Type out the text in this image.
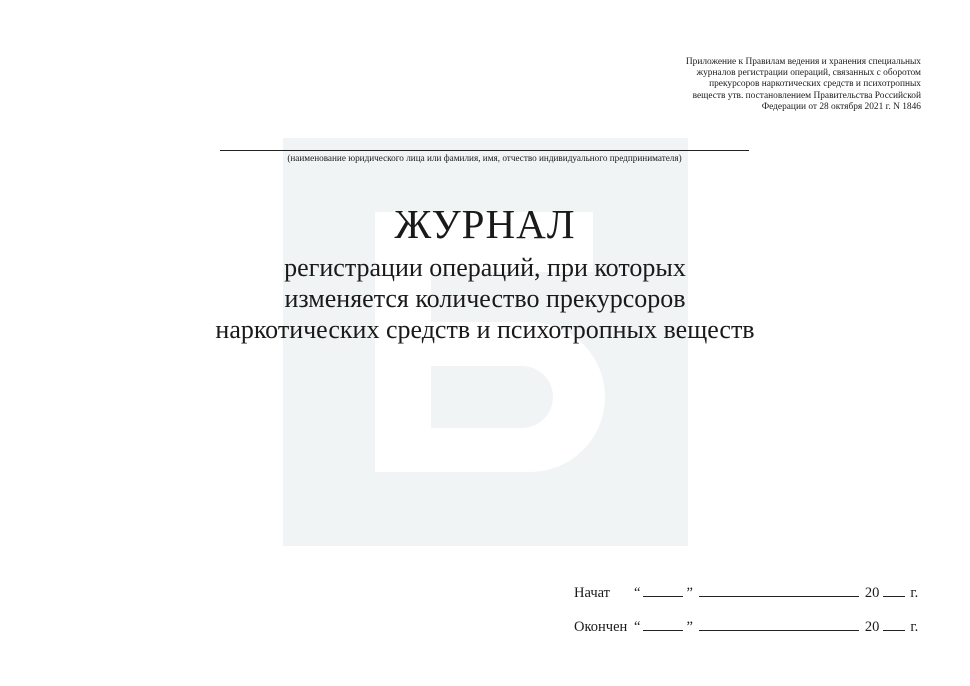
Приложение к Правилам ведения и хранения специальных
журналов регистрации операций, связанных с оборотом
прекурсоров наркотических средств и психотропных
веществ утв. постановлением Правительства Российской
Федерации от 28 октября 2021 г. N 1846
(наименование юридического лица или фамилия, имя, отчество индивидуального предпринимателя)
ЖУРНАЛ
регистрации операций, при которых
изменяется количество прекурсоров
наркотических средств и психотропных веществ
Начат	“	”	20 г.
Окончен “	”	20 г.
